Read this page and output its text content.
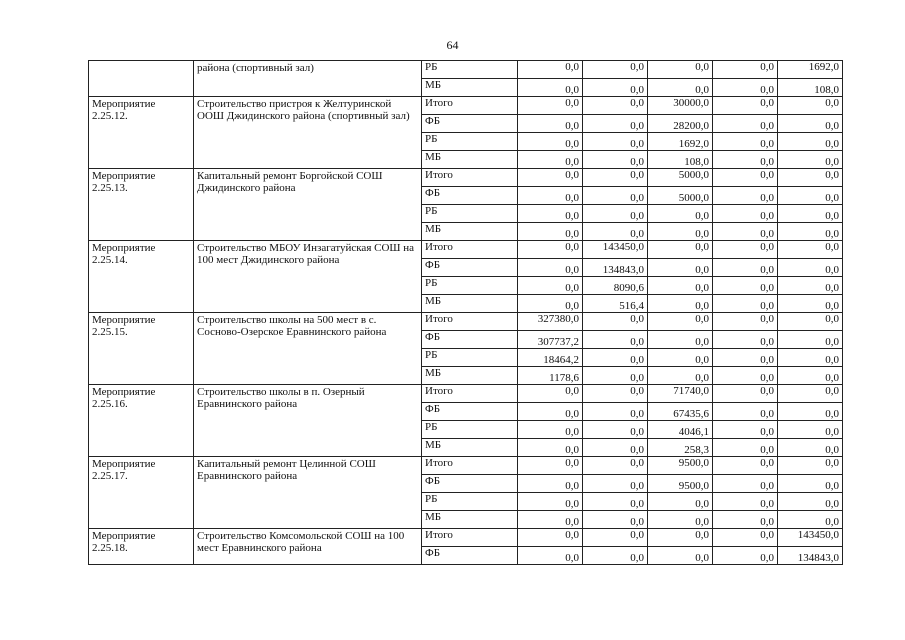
64
	района (спортивный зал)	РБ	0,0	0,0	0,0	0,0	1692,0
		МБ	0,0	0,0	0,0	0,0	108,0
Мероприятие 2.25.12.	Строительство пристроя к Желтуринской ООШ Джидинского района (спортивный зал)	Итого	0,0	0,0	30000,0	0,0	0,0
		ФБ	0,0	0,0	28200,0	0,0	0,0
		РБ	0,0	0,0	1692,0	0,0	0,0
		МБ	0,0	0,0	108,0	0,0	0,0
Мероприятие 2.25.13.	Капитальный ремонт Боргойской СОШ Джидинского района	Итого	0,0	0,0	5000,0	0,0	0,0
		ФБ	0,0	0,0	5000,0	0,0	0,0
		РБ	0,0	0,0	0,0	0,0	0,0
		МБ	0,0	0,0	0,0	0,0	0,0
Мероприятие 2.25.14.	Строительство МБОУ Инзагатуйская СОШ на 100 мест Джидинского района	Итого	0,0	143450,0	0,0	0,0	0,0
		ФБ	0,0	134843,0	0,0	0,0	0,0
		РБ	0,0	8090,6	0,0	0,0	0,0
		МБ	0,0	516,4	0,0	0,0	0,0
Мероприятие 2.25.15.	Строительство школы на 500 мест в с. Сосново-Озерское Еравнинского района	Итого	327380,0	0,0	0,0	0,0	0,0
		ФБ	307737,2	0,0	0,0	0,0	0,0
		РБ	18464,2	0,0	0,0	0,0	0,0
		МБ	1178,6	0,0	0,0	0,0	0,0
Мероприятие 2.25.16.	Строительство школы в п. Озерный Еравнинского района	Итого	0,0	0,0	71740,0	0,0	0,0
		ФБ	0,0	0,0	67435,6	0,0	0,0
		РБ	0,0	0,0	4046,1	0,0	0,0
		МБ	0,0	0,0	258,3	0,0	0,0
Мероприятие 2.25.17.	Капитальный ремонт Целинной СОШ Еравнинского района	Итого	0,0	0,0	9500,0	0,0	0,0
		ФБ	0,0	0,0	9500,0	0,0	0,0
		РБ	0,0	0,0	0,0	0,0	0,0
		МБ	0,0	0,0	0,0	0,0	0,0
Мероприятие 2.25.18.	Строительство Комсомольской СОШ на 100 мест Еравнинского района	Итого	0,0	0,0	0,0	0,0	143450,0
		ФБ	0,0	0,0	0,0	0,0	134843,0
